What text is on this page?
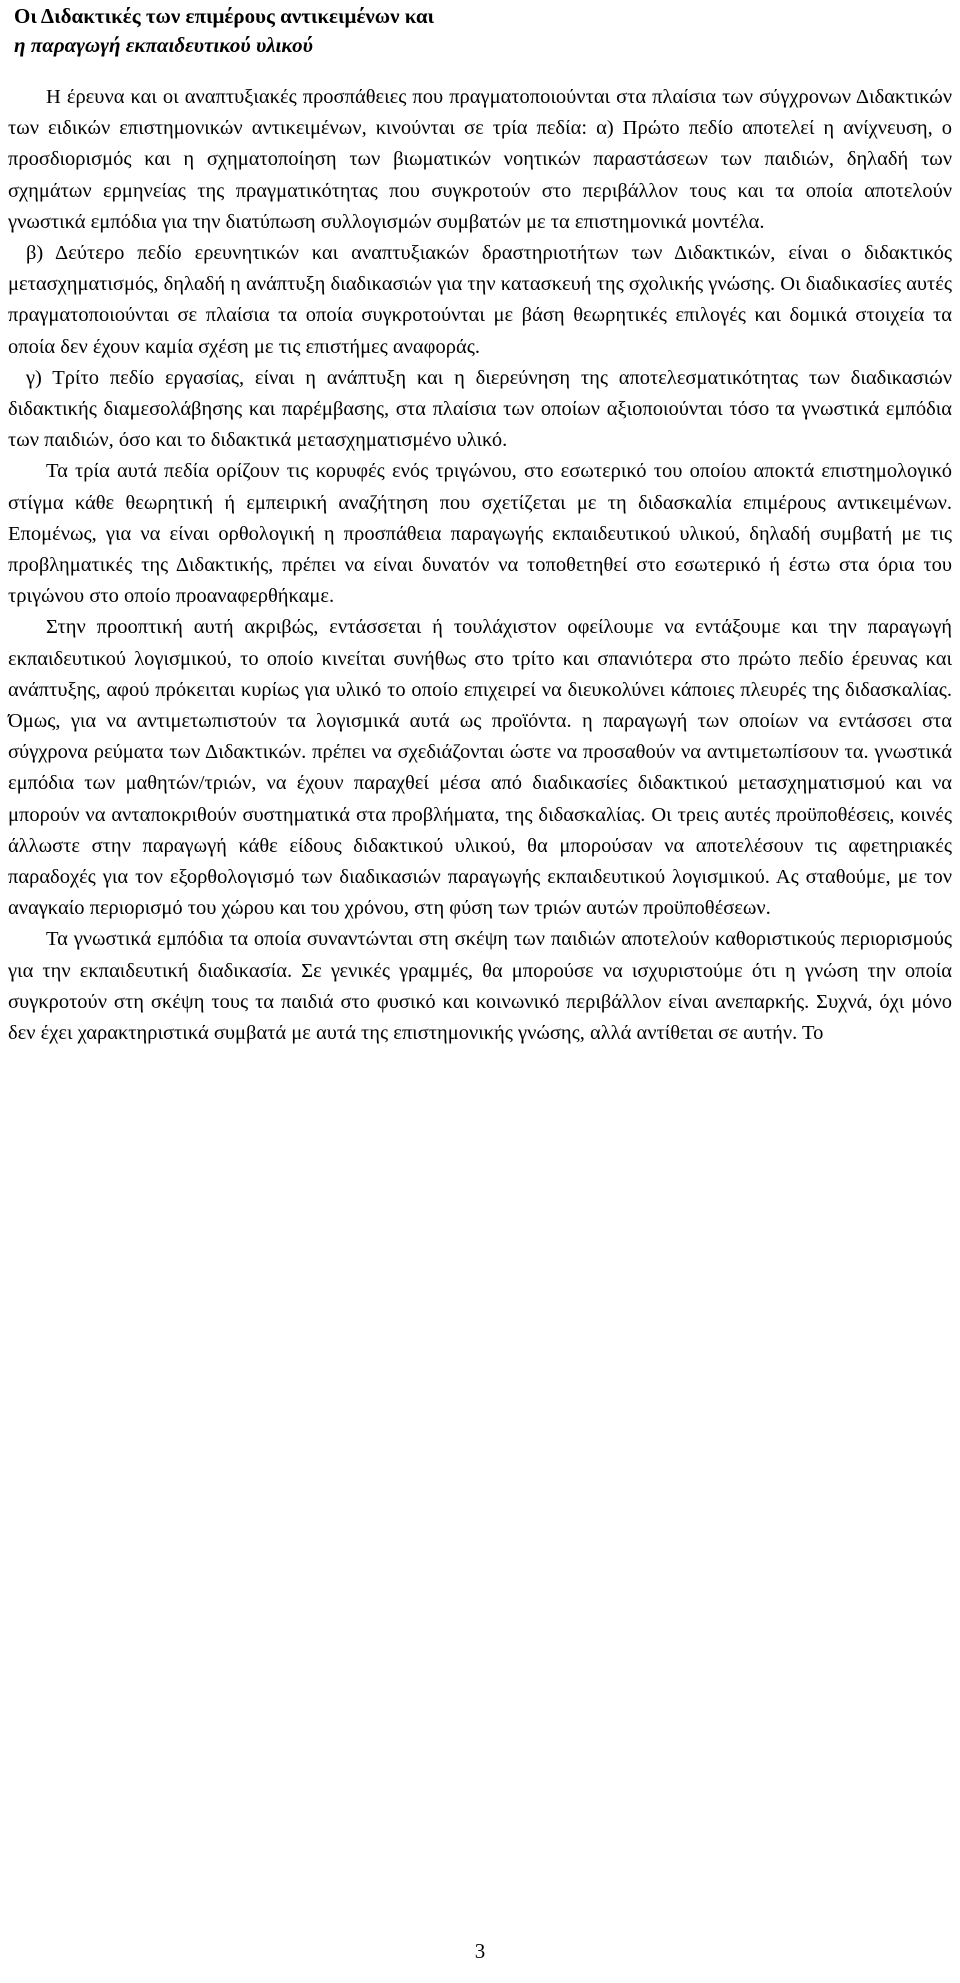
Οι Διδακτικές των επιμέρους αντικειμένων και
η παραγωγή εκπαιδευτικού υλικού

Η έρευνα και οι αναπτυξιακές προσπάθειες που πραγματοποιούνται στα πλαίσια των σύγχρονων Διδακτικών των ειδικών επιστημονικών αντικειμένων, κινούνται σε τρία πεδία: α) Πρώτο πεδίο αποτελεί η ανίχνευση, ο προσδιορισμός και η σχηματοποίηση των βιωματικών νοητικών παραστάσεων των παιδιών, δηλαδή των σχημάτων ερμηνείας της πραγματικότητας που συγκροτούν στο περιβάλλον τους και τα οποία αποτελούν γνωστικά εμπόδια για την διατύπωση συλλογισμών συμβατών με τα επιστημονικά μοντέλα.

β) Δεύτερο πεδίο ερευνητικών και αναπτυξιακών δραστηριοτήτων των Διδακτικών, είναι ο διδακτικός μετασχηματισμός, δηλαδή η ανάπτυξη διαδικασιών για την κατασκευή της σχολικής γνώσης. Οι διαδικασίες αυτές πραγματοποιούνται σε πλαίσια τα οποία συγκροτούνται με βάση θεωρητικές επιλογές και δομικά στοιχεία τα οποία δεν έχουν καμία σχέση με τις επιστήμες αναφοράς.

γ) Τρίτο πεδίο εργασίας, είναι η ανάπτυξη και η διερεύνηση της αποτελεσματικότητας των διαδικασιών διδακτικής διαμεσολάβησης και παρέμβασης, στα πλαίσια των οποίων αξιοποιούνται τόσο τα γνωστικά εμπόδια των παιδιών, όσο και το διδακτικά μετασχηματισμένο υλικό.

Τα τρία αυτά πεδία ορίζουν τις κορυφές ενός τριγώνου, στο εσωτερικό του οποίου αποκτά επιστημολογικό στίγμα κάθε θεωρητική ή εμπειρική αναζήτηση που σχετίζεται με τη διδασκαλία επιμέρους αντικειμένων. Επομένως, για να είναι ορθολογική η προσπάθεια παραγωγής εκπαιδευτικού υλικού, δηλαδή συμβατή με τις προβληματικές της Διδακτικής, πρέπει να είναι δυνατόν να τοποθετηθεί στο εσωτερικό ή έστω στα όρια του τριγώνου στο οποίο προαναφερθήκαμε.

Στην προοπτική αυτή ακριβώς, εντάσσεται ή τουλάχιστον οφείλουμε να εντάξουμε και την παραγωγή εκπαιδευτικού λογισμικού, το οποίο κινείται συνήθως στο τρίτο και σπανιότερα στο πρώτο πεδίο έρευνας και ανάπτυξης, αφού πρόκειται κυρίως για υλικό το οποίο επιχειρεί να διευκολύνει κάποιες πλευρές της διδασκαλίας. Όμως, για να αντιμετωπιστούν τα λογισμικά αυτά ως προϊόντα. η παραγωγή των οποίων να εντάσσει στα σύγχρονα ρεύματα των Διδακτικών. πρέπει να σχεδιάζονται ώστε να προσαθούν να αντιμετωπίσουν τα. γνωστικά εμπόδια των μαθητών/τριών, να έχουν παραχθεί μέσα από διαδικασίες διδακτικού μετασχηματισμού και να μπορούν να ανταποκριθούν συστηματικά στα προβλήματα, της διδασκαλίας. Οι τρεις αυτές προϋποθέσεις, κοινές άλλωστε στην παραγωγή κάθε είδους διδακτικού υλικού, θα μπορούσαν να αποτελέσουν τις αφετηριακές παραδοχές για τον εξορθολογισμό των διαδικασιών παραγωγής εκπαιδευτικού λογισμικού. Ας σταθούμε, με τον αναγκαίο περιορισμό του χώρου και του χρόνου, στη φύση των τριών αυτών προϋποθέσεων.

Τα γνωστικά εμπόδια τα οποία συναντώνται στη σκέψη των παιδιών αποτελούν καθοριστικούς περιορισμούς για την εκπαιδευτική διαδικασία. Σε γενικές γραμμές, θα μπορούσε να ισχυριστούμε ότι η γνώση την οποία συγκροτούν στη σκέψη τους τα παιδιά στο φυσικό και κοινωνικό περιβάλλον είναι ανεπαρκής. Συχνά, όχι μόνο δεν έχει χαρακτηριστικά συμβατά με αυτά της επιστημονικής γνώσης, αλλά αντίθεται σε αυτήν. Το

3
